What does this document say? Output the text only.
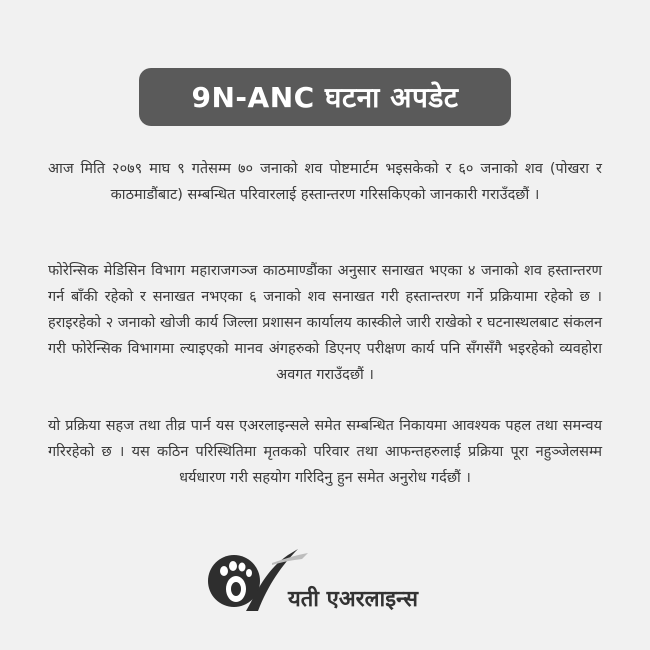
9N-ANC घटना अपडेट

आज मिति २०७९ माघ ९ गतेसम्म ७० जनाको शव पोष्टमार्टम भइसकेको र ६० जनाको शव (पोखरा र काठमाडौंबाट) सम्बन्धित परिवारलाई हस्तान्तरण गरिसकिएको जानकारी गराउँदछौं ।

फोरेन्सिक मेडिसिन विभाग महाराजगञ्ज काठमाण्डौंका अनुसार सनाखत भएका ४ जनाको शव हस्तान्तरण गर्न बाँकी रहेको र सनाखत नभएका ६ जनाको शव सनाखत गरी हस्तान्तरण गर्ने प्रक्रियामा रहेको छ । हराइरहेको २ जनाको खोजी कार्य जिल्ला प्रशासन कार्यालय कास्कीले जारी राखेको र घटनास्थलबाट संकलन गरी फोरेन्सिक विभागमा ल्याइएको मानव अंगहरुको डिएनए परीक्षण कार्य पनि सँगसँगै भइरहेको व्यवहोरा अवगत गराउँदछौं ।

यो प्रक्रिया सहज तथा तीव्र पार्न यस एअरलाइन्सले समेत सम्बन्धित निकायमा आवश्यक पहल तथा समन्वय गरिरहेको छ । यस कठिन परिस्थितिमा मृतकको परिवार तथा आफन्तहरुलाई प्रक्रिया पूरा नहुञ्जेलसम्म धर्यधारण गरी सहयोग गरिदिनु हुन समेत अनुरोध गर्दछौं ।

यती एअरलाइन्स
